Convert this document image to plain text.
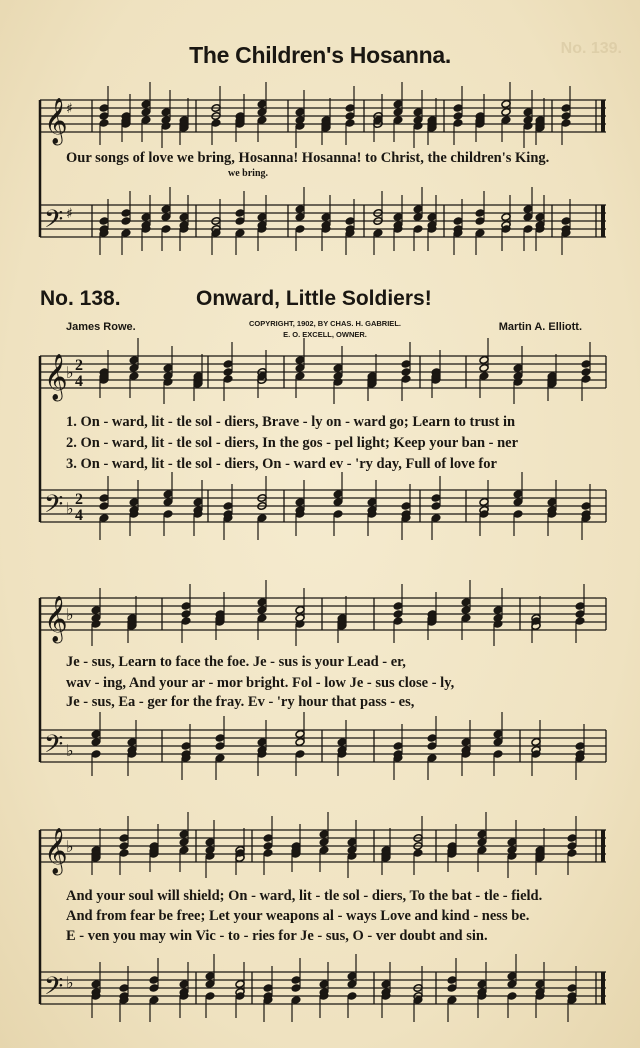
No. 139.
The Children's Hosanna.
𝄞
𝄢
𝄞
𝄢
𝄞
𝄢
𝄞
𝄢
♯
♯
♭
♭
♭
♭
♭
♭
2
4
2
4
Our songs of love we bring, Hosanna! Hosanna! to Christ, the children's King.
we bring.
No. 138.	Onward, Little Soldiers!
James Rowe.	COPYRIGHT, 1902, BY CHAS. H. GABRIEL.
E. O. EXCELL, OWNER.
Martin A. Elliott.
1. On - ward, lit - tle sol - diers, Brave - ly on - ward go; Learn to trust in
2. On - ward, lit - tle sol - diers, In the gos - pel light; Keep your ban - ner
3. On - ward, lit - tle sol - diers, On - ward ev - 'ry day, Full of love for
Je - sus, Learn to face the foe. Je - sus is your Lead - er,
wav - ing, And your ar - mor bright. Fol - low Je - sus close - ly,
Je - sus, Ea - ger for the fray. Ev - 'ry hour that pass - es,
And your soul will shield; On - ward, lit - tle sol - diers, To the bat - tle - field.
And from fear be free; Let your weapons al - ways Love and kind - ness be.
E - ven you may win Vic - to - ries for Je - sus, O - ver doubt and sin.
